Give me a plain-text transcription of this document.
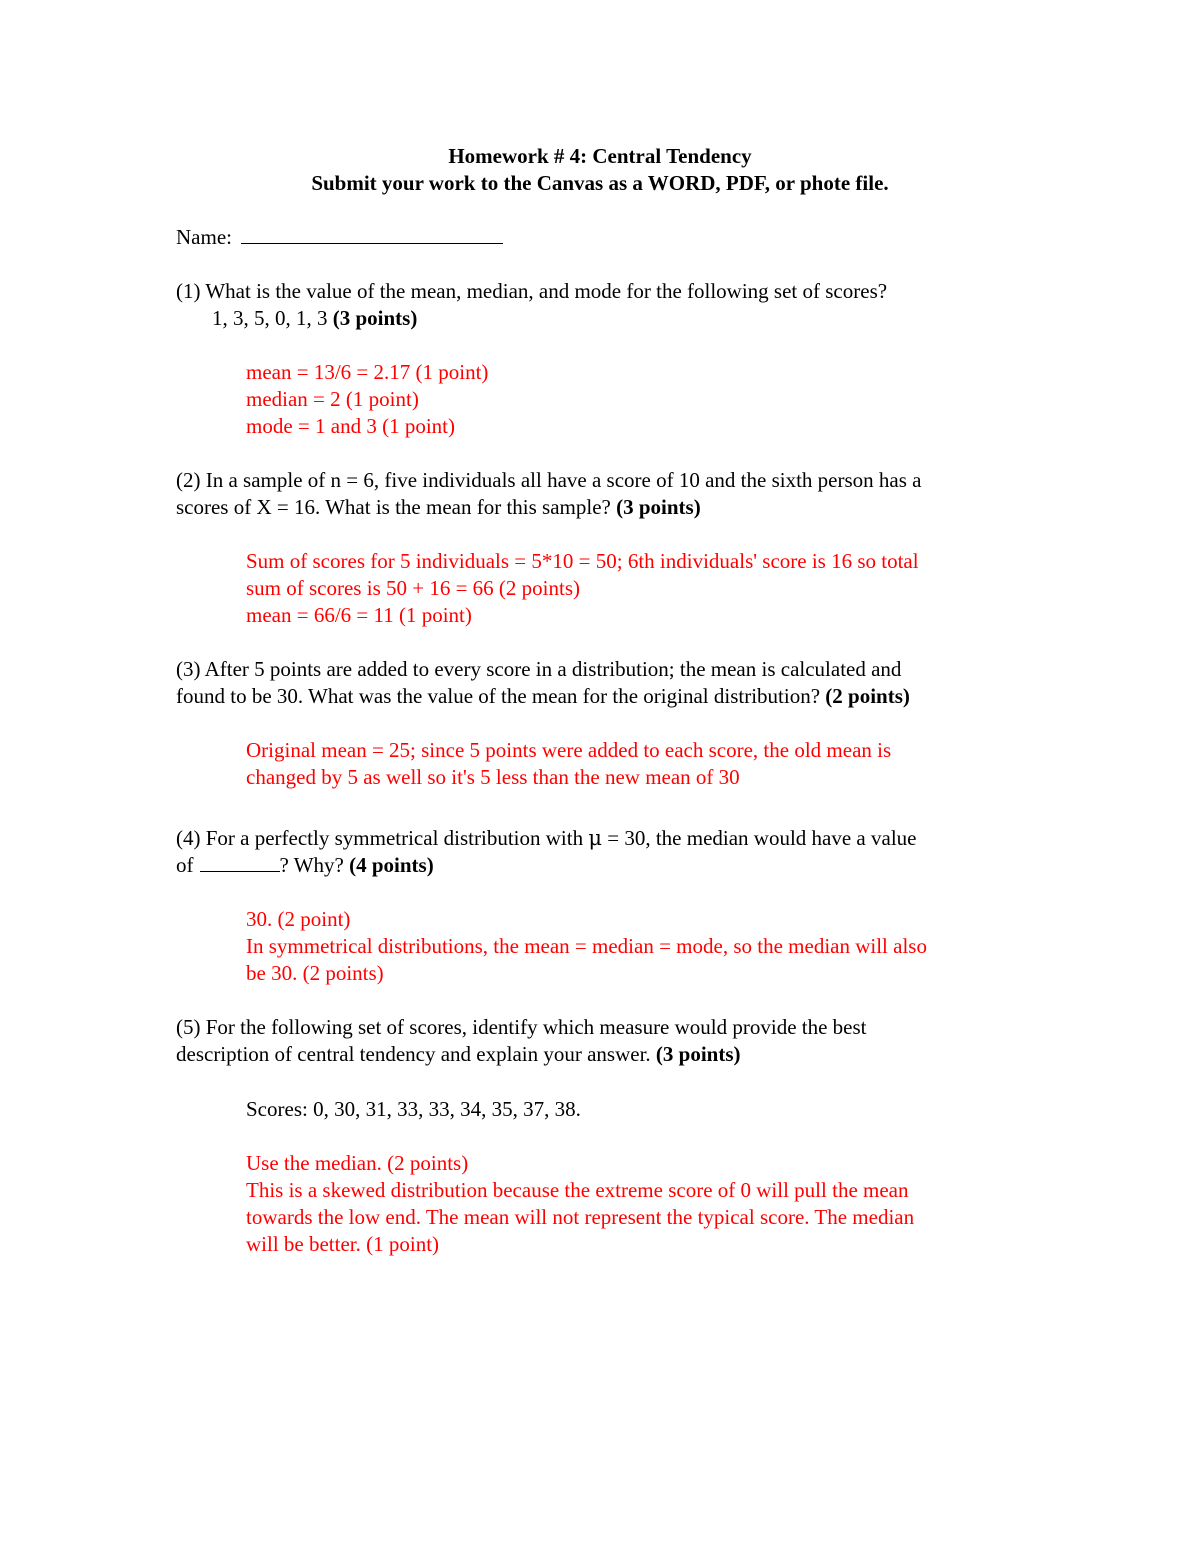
Homework # 4: Central Tendency
Submit your work to the Canvas as a WORD, PDF, or phote file.
Name:
(1) What is the value of the mean, median, and mode for the following set of scores?
1, 3, 5, 0, 1, 3 (3 points)
mean = 13/6 = 2.17 (1 point)
median = 2 (1 point)
mode = 1 and 3 (1 point)
(2) In a sample of n = 6, five individuals all have a score of 10 and the sixth person has a
scores of X = 16. What is the mean for this sample? (3 points)
Sum of scores for 5 individuals = 5*10 = 50; 6th individuals' score is 16 so total
sum of scores is 50 + 16 = 66 (2 points)
mean = 66/6 = 11 (1 point)
(3) After 5 points are added to every score in a distribution; the mean is calculated and
found to be 30. What was the value of the mean for the original distribution? (2 points)
Original mean = 25; since 5 points were added to each score, the old mean is
changed by 5 as well so it's 5 less than the new mean of 30
(4) For a perfectly symmetrical distribution with μ = 30, the median would have a value
of	? Why? (4 points)
30. (2 point)
In symmetrical distributions, the mean = median = mode, so the median will also
be 30. (2 points)
(5) For the following set of scores, identify which measure would provide the best
description of central tendency and explain your answer. (3 points)
Scores: 0, 30, 31, 33, 33, 34, 35, 37, 38.
Use the median. (2 points)
This is a skewed distribution because the extreme score of 0 will pull the mean
towards the low end. The mean will not represent the typical score. The median
will be better. (1 point)
